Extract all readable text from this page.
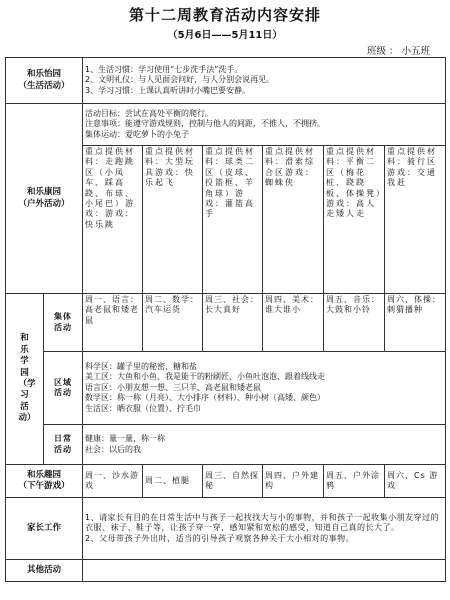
第十二周教育活动内容安排
（5月6日——5月11日）
班级 ： 小五班
和乐怡园
（生活活动）		1、生活习惯：学习使用“七步洗手法”洗手。
2、文明礼仪：与人见面会问好，与人分别会说再见。
3、学习习惯：上课认真听讲时小嘴巴要安静。					

和乐康园
（户外活动）		活动目标：尝试在高处平衡的爬行。
注意事项：能遵守游戏规则，控制与他人的间距，不推人，不拥挤。
集体运动：爱吃萝卜的小兔子					

		重点提供材料：走跑跳区（小凤车、踩高跷、布球、小尾巴）游戏：游戏：快乐跳	重点提供材料：大型玩具游戏：快乐起飞	重点提供材料：球类二区（皮球、投篮框、羊角球）游戏：灌篮高手	重点提供材料：滑索综合区游戏：蜘蛛侠	重点提供材料：平衡二区（梅花桩、跷跷板、体操凳）游戏：高人走矮人走	重点提供材料：骑行区游戏：交通我赶

和乐学园（学习活动）	集体活动	周一、语言：高老鼠和矮老鼠	周二、数学：汽车运货	周三、社会：长大真好	周四、美术：谁大谁小	周五、音乐：大鼓和小铃	周六、体操：刺猬播种

	区域活动	科学区：罐子里的秘密、糖和盐
美工区：大鱼和小鱼、我是能干的粉刷匠、小鱼吐泡泡、跟着线线走
语言区：小朋友想一想、三只羊、高老鼠和矮老鼠
数学区：称一称（月亮）、大小排序（材料）、种小树（高矮、颜色）
生活区：晒衣服（位置）、拧毛巾					

	日常活动	健康：量一量，称一称
社会：以后的我					

和乐趣园
（下午游戏）		周一、沙水游戏	周二、植腿	周三、自然探秘	周四、户外建构	周五、户外涂鸦	周六、Cs 游戏

家长工作		1、请家长有目的在日常生活中与孩子一起找找大与小的事物，并和孩子一起收集小朋友穿过的衣服、袜子、鞋子等，让孩子穿一穿，感知紧和宽松的感受，知道自己真的长大了。
2、父母带孩子外出时，适当的引导孩子观察各种关于大小相对的事物。					

其他活动							
